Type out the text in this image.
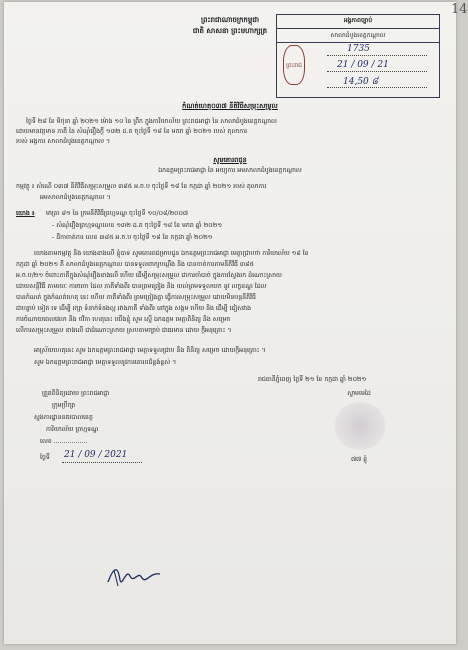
14
ព្រះរាជាណាចក្រកម្ពុជា
ជាតិ សាសនា ព្រះមហាក្សត្រ
អង្គភាពច្បាប់
សាលាដំបូងខេត្តកណ្ដាល
ព្រះរាជ
1735
21 / 09 / 21
14,50 ៨
កំណត់ហេតុ០៣៧ នីតិវិធីសម្រុះសម្រួល
ថ្ងៃទី ២៨ ខែ មិថុនា ឆ្នាំ ២០២១ ម៉ោង ១០ នៃ ព្រឹក ក្នុងការិយាល័យ ព្រះរាជអាជ្ញា នៃ សាលាដំបូងខេត្តកណ្ដាល
ដោយមានវត្តមាន ភាគី នៃ សំណុំរឿងក្ដី ១៣២ ដ.ត ចុះថ្ងៃទី ១៨ ខែ មករា ឆ្នាំ ២០២១ របស់ តុលាការ
របស់ អង្គការ សាលាដំបូងខេត្តកណ្ដាល ។
សូមគោរពជូន
ឯកឧត្ដមព្រះរាជអាជ្ញា នៃ អយ្យការ អមសាលាដំបូងខេត្តកណ្ដាល
កម្មវត្ថុ ៖ សំណើ ០៣៧ នីតិវិធីសម្រុះសម្រួល ៣៨៥ អ.ច.ប ចុះថ្ងៃទី ១៨ ខែ កក្កដា ឆ្នាំ ២០២១ របស់ តុលាការ
អមសាលាដំបូងខេត្តកណ្ដាល ។
យោង ៖ មាត្រា ៨១ នៃ ក្រមនីតិវិធីព្រហ្មទណ្ឌ ចុះថ្ងៃទី ១០/០៨/២០០៧
- សំណុំរឿងព្រហ្មទណ្ឌលេខ ១៣២ ដ.ត ចុះថ្ងៃទី ១៨ ខែ មករា ឆ្នាំ ២០២១
- ដីកាចាត់ការ លេខ ៣៨៥ អ.ច.ប ចុះថ្ងៃទី ១៨ ខែ កក្កដា ឆ្នាំ ២០២១
យោងតាមកម្មវត្ថុ និង យោងខាងលើ ខ្ញុំបាទ សូមគោរពជម្រាបជូន ឯកឧត្ដមព្រះរាជអាជ្ញា មេត្តាជ្រាបថា ការិយាល័យ ១៨ ខែ
កក្កដា ឆ្នាំ ២០២១ គឺ សាលាដំបូងខេត្តកណ្ដាល បានទទួលពាក្យបណ្ដឹង និង បានចាត់ការតាមនីតិវិធី ៣៨៥
អ.ច.ប/២១ ចំពោះភាគីក្នុងសំណុំរឿងខាងលើ ហើយ ដើម្បីសម្រុះសម្រួល ជាការចាំបាច់ ក្នុងការស្វែងរក ដំណោះស្រាយ
ដោយសន្ដិវិធី តាមរយៈ ការចរចា ដែល ភាគីទាំងពីរ បានព្រមព្រៀង និង យល់ព្រមទទួលយក នូវ លក្ខខណ្ឌ ដែល
បានកំណត់ ក្នុងកំណត់ហេតុ នេះ ហើយ ភាគីទាំងពីរ ព្រមព្រៀងគ្នា ធ្វើការសម្រុះសម្រួល ដោយមិនបន្តនីតិវិធី
ជាបន្ទាប់ ទៀត ទេ ដើម្បី រក្សា ទំនាក់ទំនងល្អ រវាងភាគី ទាំងពីរ នៅក្នុង សង្គម ហើយ និង ដើម្បី ជៀសវាង
ការចំណាយពេលវេលា និង ថវិកា ហេតុនេះ យើងខ្ញុំ សូម ស្នើ ឯកឧត្ដម មេត្តាពិនិត្យ និង សម្រេច
លើការសម្រុះសម្រួល ខាងលើ ជាដំណោះស្រាយ ស្របតាមច្បាប់ ជាធរមាន ដោយ ក្ដីអនុគ្រោះ ។
អាស្រ័យហេតុនេះ សូម ឯកឧត្ដមព្រះរាជអាជ្ញា មេត្តាទទួលជ្រាប និង ពិនិត្យ សម្រេច ដោយក្ដីអនុគ្រោះ ។
សូម ឯកឧត្ដមព្រះរាជអាជ្ញា មេត្តាទទួលនូវការគោរពដ៏ខ្ពង់ខ្ពស់ ។
រាជធានីភ្នំពេញ ថ្ងៃទី ២១ ខែ កក្កដា ឆ្នាំ ២០២១
ស្នាមមេដៃ
៧៧ ខ្ញុំ
ត្រួតពិនិត្យដោយ ព្រះរាជអាជ្ញា
ក្រុមប្រឹក្សា
ស្នងការដ្ឋាននគរបាលខេត្ត
ការិយាល័យ ព្រហ្មទណ្ឌ
លេខ .................
ថ្ងៃទី 21 / 09 / 2021
